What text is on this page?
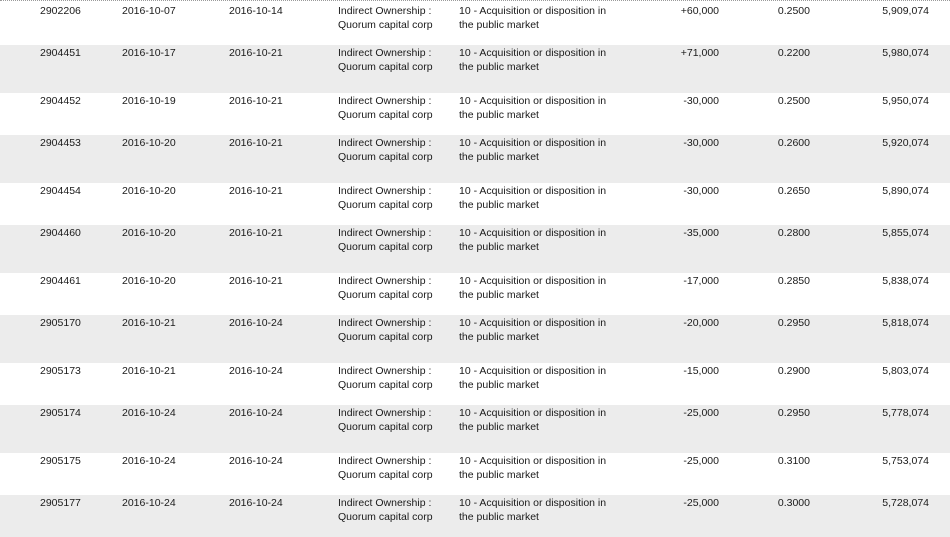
2902206	2016-10-07	2016-10-14	Indirect Ownership :
Quorum capital corp
10 - Acquisition or disposition in
the public market
+60,000	0.2500	5,909,074
2904451	2016-10-17	2016-10-21	Indirect Ownership :
Quorum capital corp
10 - Acquisition or disposition in
the public market
+71,000	0.2200	5,980,074
2904452	2016-10-19	2016-10-21	Indirect Ownership :
Quorum capital corp
10 - Acquisition or disposition in
the public market
-30,000	0.2500	5,950,074
2904453	2016-10-20	2016-10-21	Indirect Ownership :
Quorum capital corp
10 - Acquisition or disposition in
the public market
-30,000	0.2600	5,920,074
2904454	2016-10-20	2016-10-21	Indirect Ownership :
Quorum capital corp
10 - Acquisition or disposition in
the public market
-30,000	0.2650	5,890,074
2904460	2016-10-20	2016-10-21	Indirect Ownership :
Quorum capital corp
10 - Acquisition or disposition in
the public market
-35,000	0.2800	5,855,074
2904461	2016-10-20	2016-10-21	Indirect Ownership :
Quorum capital corp
10 - Acquisition or disposition in
the public market
-17,000	0.2850	5,838,074
2905170	2016-10-21	2016-10-24	Indirect Ownership :
Quorum capital corp
10 - Acquisition or disposition in
the public market
-20,000	0.2950	5,818,074
2905173	2016-10-21	2016-10-24	Indirect Ownership :
Quorum capital corp
10 - Acquisition or disposition in
the public market
-15,000	0.2900	5,803,074
2905174	2016-10-24	2016-10-24	Indirect Ownership :
Quorum capital corp
10 - Acquisition or disposition in
the public market
-25,000	0.2950	5,778,074
2905175	2016-10-24	2016-10-24	Indirect Ownership :
Quorum capital corp
10 - Acquisition or disposition in
the public market
-25,000	0.3100	5,753,074
2905177	2016-10-24	2016-10-24	Indirect Ownership :
Quorum capital corp
10 - Acquisition or disposition in
the public market
-25,000	0.3000	5,728,074
